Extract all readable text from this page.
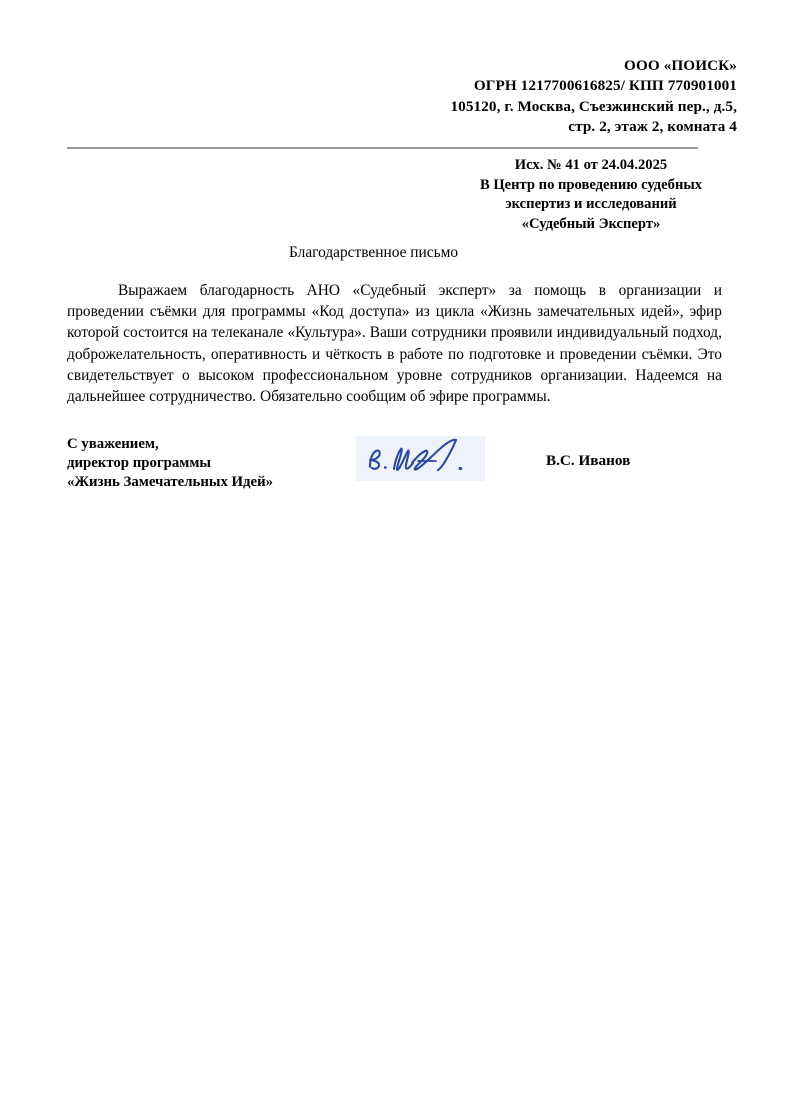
ООО «ПОИСК»
ОГРН 1217700616825/ КПП 770901001
105120, г. Москва, Съезжинский пер., д.5,
стр. 2, этаж 2, комната 4
Исх. № 41 от 24.04.2025
В Центр по проведению судебных
экспертиз и исследований
«Судебный Эксперт»
Благодарственное письмо
Выражаем благодарность АНО «Судебный эксперт» за помощь в организации и проведении съёмки для программы «Код доступа» из цикла «Жизнь замечательных идей», эфир которой состоится на телеканале «Культура». Ваши сотрудники проявили индивидуальный подход, доброжелательность, оперативность и чёткость в работе по подготовке и проведении съёмки. Это свидетельствует о высоком профессиональном уровне сотрудников организации. Надеемся на дальнейшее сотрудничество. Обязательно сообщим об эфире программы.
С уважением,
директор программы
«Жизнь Замечательных Идей»
В.С. Иванов
